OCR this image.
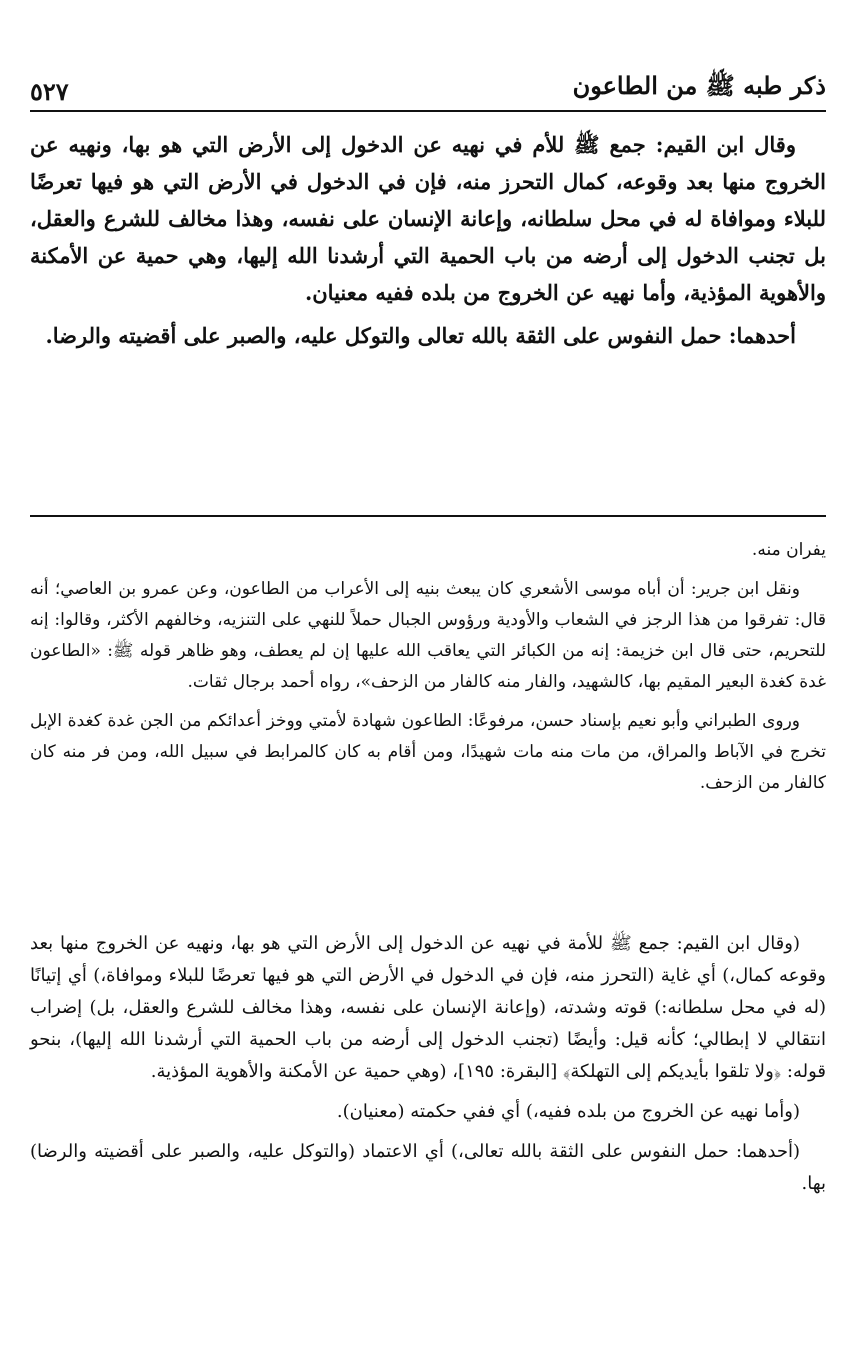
ذكر طبه ﷺ من الطاعون
٥٢٧

وقال ابن القيم: جمع ﷺ للأم في نهيه عن الدخول إلى الأرض التي هو بها، ونهيه عن الخروج منها بعد وقوعه، كمال التحرز منه، فإن في الدخول في الأرض التي هو فيها تعرضًا للبلاء وموافاة له في محل سلطانه، وإعانة الإنسان على نفسه، وهذا مخالف للشرع والعقل، بل تجنب الدخول إلى أرضه من باب الحمية التي أرشدنا الله إليها، وهي حمية عن الأمكنة والأهوية المؤذية، وأما نهيه عن الخروج من بلده ففيه معنيان.

أحدهما: حمل النفوس على الثقة بالله تعالى والتوكل عليه، والصبر على أقضيته والرضا.

يفران منه.

ونقل ابن جرير: أن أباه موسى الأشعري كان يبعث بنيه إلى الأعراب من الطاعون، وعن عمرو بن العاصي؛ أنه قال: تفرقوا من هذا الرجز في الشعاب والأودية ورؤوس الجبال حملاً للنهي على التنزيه، وخالفهم الأكثر، وقالوا: إنه للتحريم، حتى قال ابن خزيمة: إنه من الكبائر التي يعاقب الله عليها إن لم يعطف، وهو ظاهر قوله ﷺ: «الطاعون غدة كغدة البعير المقيم بها، كالشهيد، والفار منه كالفار من الزحف»، رواه أحمد برجال ثقات.

وروى الطبراني وأبو نعيم بإسناد حسن، مرفوعًا: الطاعون شهادة لأمتي ووخز أعدائكم من الجن غدة كغدة الإبل تخرج في الآباط والمراق، من مات منه مات شهيدًا، ومن أقام به كان كالمرابط في سبيل الله، ومن فر منه كان كالفار من الزحف.

(وقال ابن القيم: جمع ﷺ للأمة في نهيه عن الدخول إلى الأرض التي هو بها، ونهيه عن الخروج منها بعد وقوعه كمال،) أي غاية (التحرز منه، فإن في الدخول في الأرض التي هو فيها تعرضًا للبلاء وموافاة،) أي إتيانًا (له في محل سلطانه:) قوته وشدته، (وإعانة الإنسان على نفسه، وهذا مخالف للشرع والعقل، بل) إضراب انتقالي لا إبطالي؛ كأنه قيل: وأيضًا (تجنب الدخول إلى أرضه من باب الحمية التي أرشدنا الله إليها)، بنحو قوله: ﴿ولا تلقوا بأيديكم إلى التهلكة﴾ [البقرة: ١٩٥]، (وهي حمية عن الأمكنة والأهوية المؤذية.

(وأما نهيه عن الخروج من بلده ففيه،) أي ففي حكمته (معنيان).

(أحدهما: حمل النفوس على الثقة بالله تعالى،) أي الاعتماد (والتوكل عليه، والصبر على أقضيته والرضا) بها.
